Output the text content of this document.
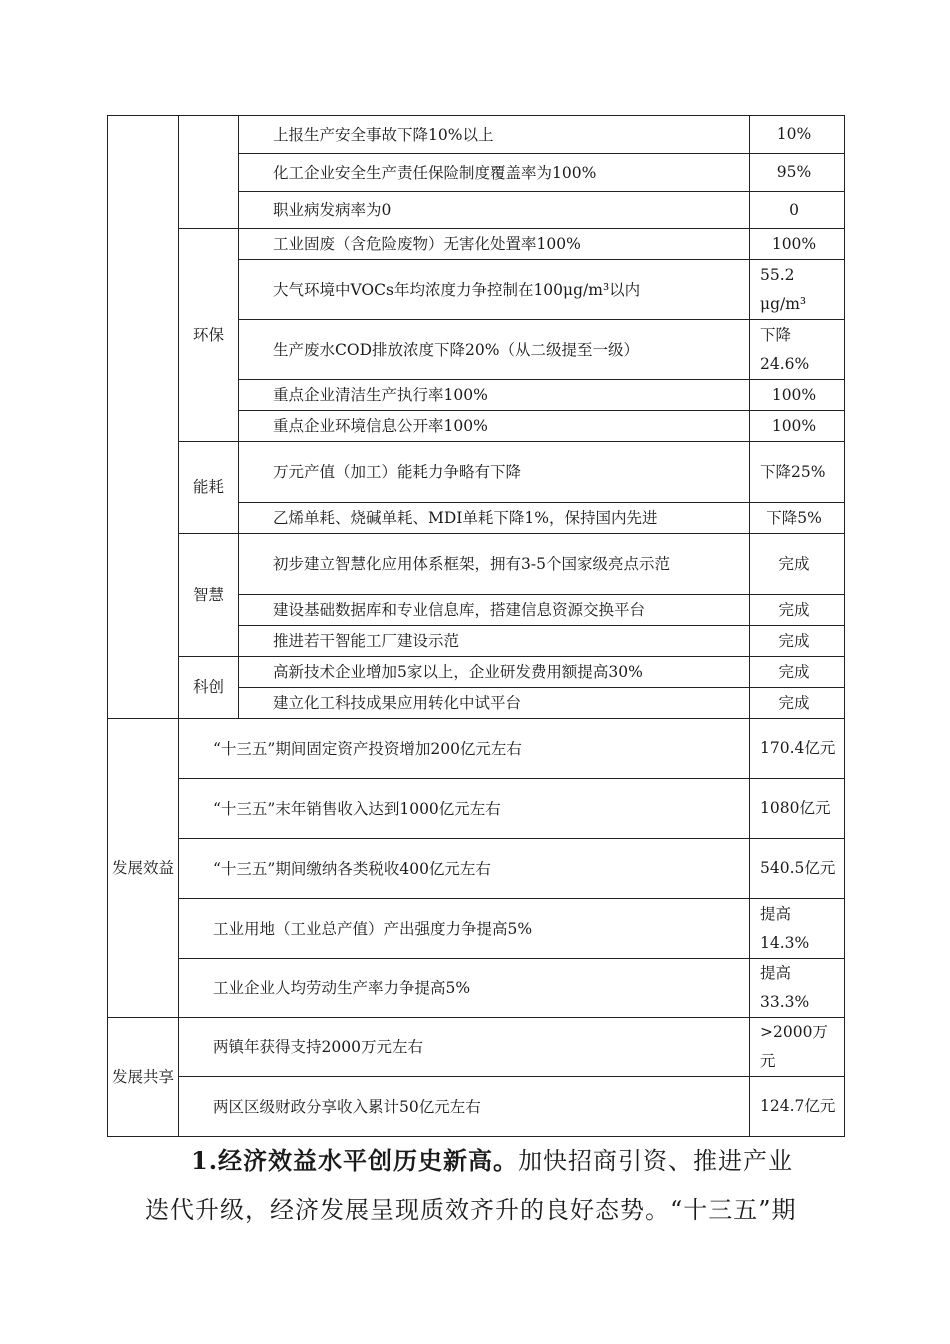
		上报生产安全事故下降10%以上	10%
		化工企业安全生产责任保险制度覆盖率为100%	95%
		职业病发病率为0	0
	环保	工业固废（含危险废物）无害化处置率100%	100%
		大气环境中VOCs年均浓度力争控制在100μg/m³以内	55.2 μg/m³
		生产废水COD排放浓度下降20%（从二级提至一级）	下降24.6%
		重点企业清洁生产执行率100%	100%
		重点企业环境信息公开率100%	100%
	能耗	万元产值（加工）能耗力争略有下降	下降25%
		乙烯单耗、烧碱单耗、MDI单耗下降1%，保持国内先进	下降5%
	智慧	初步建立智慧化应用体系框架，拥有3-5个国家级亮点示范	完成
		建设基础数据库和专业信息库，搭建信息资源交换平台	完成
		推进若干智能工厂建设示范	完成
	科创	高新技术企业增加5家以上，企业研发费用额提高30%	完成
		建立化工科技成果应用转化中试平台	完成
发展效益	“十三五”期间固定资产投资增加200亿元左右		170.4亿元
	“十三五”末年销售收入达到1000亿元左右		1080亿元
	“十三五”期间缴纳各类税收400亿元左右		540.5亿元
	工业用地（工业总产值）产出强度力争提高5%		提高14.3%
	工业企业人均劳动生产率力争提高5%		提高33.3%
发展共享	两镇年获得支持2000万元左右		>2000万元
	两区区级财政分享收入累计50亿元左右		124.7亿元
1.经济效益水平创历史新高。加快招商引资、推进产业
迭代升级，经济发展呈现质效齐升的良好态势。“十三五”期
